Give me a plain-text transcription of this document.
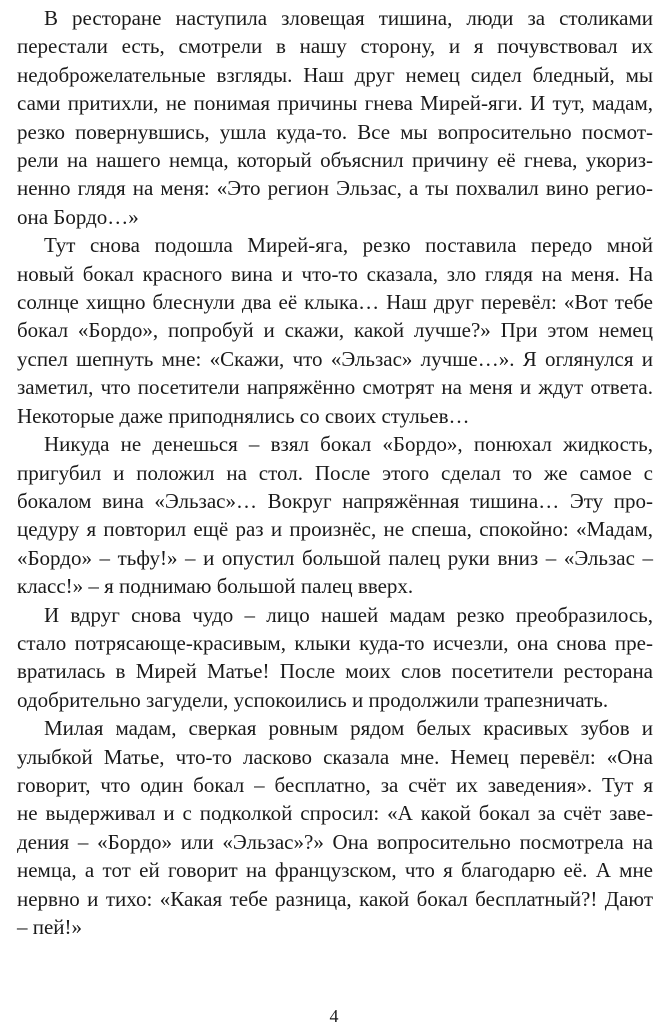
В ресторане наступила зловещая тишина, люди за столиками
перестали есть, смотрели в нашу сторону, и я почувствовал их
недоброжелательные взгляды. Наш друг немец сидел бледный, мы
сами притихли, не понимая причины гнева Мирей-яги. И тут, мадам,
резко повернувшись, ушла куда-то. Все мы вопросительно посмот-
рели на нашего немца, который объяснил причину её гнева, укориз-
ненно глядя на меня: «Это регион Эльзас, а ты похвалил вино регио-
она Бордо…»

Тут снова подошла Мирей-яга, резко поставила передо мной
новый бокал красного вина и что-то сказала, зло глядя на меня. На
солнце хищно блеснули два её клыка… Наш друг перевёл: «Вот тебе
бокал «Бордо», попробуй и скажи, какой лучше?» При этом немец
успел шепнуть мне: «Скажи, что «Эльзас» лучше…». Я оглянулся и
заметил, что посетители напряжённо смотрят на меня и ждут ответа.
Некоторые даже приподнялись со своих стульев…

Никуда не денешься – взял бокал «Бордо», понюхал жидкость,
пригубил и положил на стол. После этого сделал то же самое с
бокалом вина «Эльзас»… Вокруг напряжённая тишина… Эту про-
цедуру я повторил ещё раз и произнёс, не спеша, спокойно: «Мадам,
«Бордо» – тьфу!» – и опустил большой палец руки вниз – «Эльзас –
класс!» – я поднимаю большой палец вверх.

И вдруг снова чудо – лицо нашей мадам резко преобразилось,
стало потрясающе-красивым, клыки куда-то исчезли, она снова пре-
вратилась в Мирей Матье! После моих слов посетители ресторана
одобрительно загудели, успокоились и продолжили трапезничать.

Милая мадам, сверкая ровным рядом белых красивых зубов и
улыбкой Матье, что-то ласково сказала мне. Немец перевёл: «Она
говорит, что один бокал – бесплатно, за счёт их заведения». Тут я
не выдерживал и с подколкой спросил: «А какой бокал за счёт заве-
дения – «Бордо» или «Эльзас»?» Она вопросительно посмотрела на
немца, а тот ей говорит на французском, что я благодарю её. А мне
нервно и тихо: «Какая тебе разница, какой бокал бесплатный?! Дают
– пей!»

4
